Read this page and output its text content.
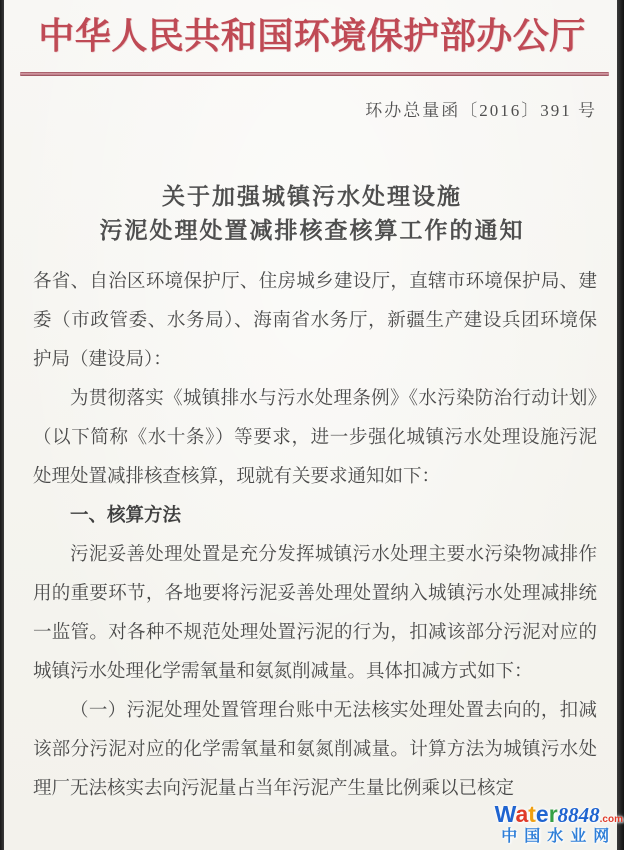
中华人民共和国环境保护部办公厅
环办总量函〔2016〕391 号
关于加强城镇污水处理设施
污泥处理处置减排核查核算工作的通知

各省、自治区环境保护厅、住房城乡建设厅，直辖市环境保护局、建委（市政管委、水务局）、海南省水务厅，新疆生产建设兵团环境保护局（建设局）：

为贯彻落实《城镇排水与污水处理条例》《水污染防治行动计划》（以下简称《水十条》）等要求，进一步强化城镇污水处理设施污泥处理处置减排核查核算，现就有关要求通知如下：

一、核算方法

污泥妥善处理处置是充分发挥城镇污水处理主要水污染物减排作用的重要环节，各地要将污泥妥善处理处置纳入城镇污水处理减排统一监管。对各种不规范处理处置污泥的行为，扣减该部分污泥对应的城镇污水处理化学需氧量和氨氮削减量。具体扣减方式如下：

（一）污泥处理处置管理台账中无法核实处理处置去向的，扣减该部分污泥对应的化学需氧量和氨氮削减量。计算方法为城镇污水处理厂无法核实去向污泥量占当年污泥产生量比例乘以已核定

Water8848.com
中国水业网
